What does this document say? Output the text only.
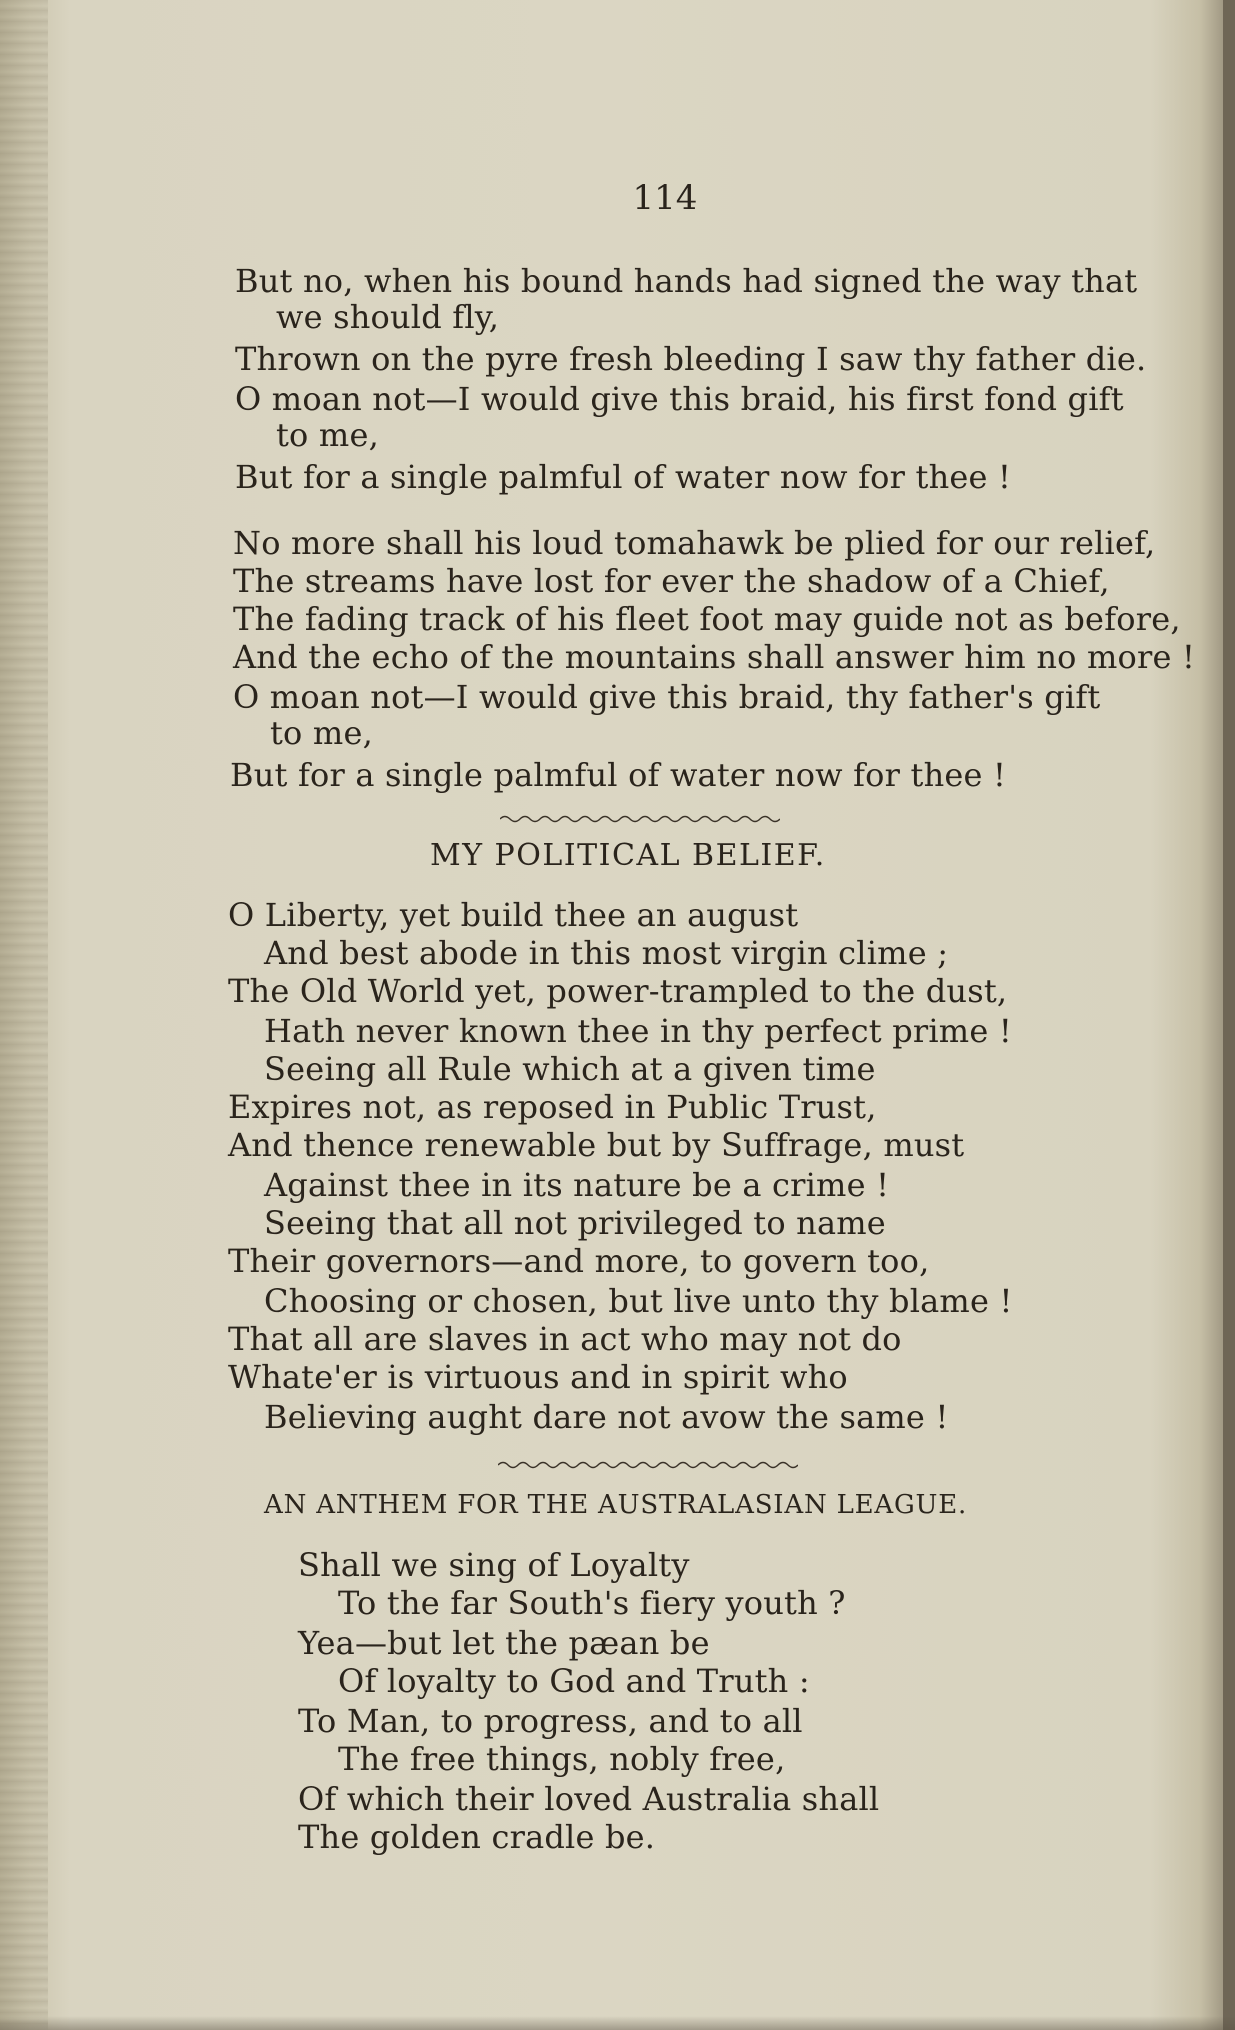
114
But no, when his bound hands had signed the way that
we should fly,
Thrown on the pyre fresh bleeding I saw thy father die.
O moan not—I would give this braid, his first fond gift
to me,
But for a single palmful of water now for thee !
No more shall his loud tomahawk be plied for our relief,
The streams have lost for ever the shadow of a Chief,
The fading track of his fleet foot may guide not as before,
And the echo of the mountains shall answer him no more !
O moan not—I would give this braid, thy father's gift
to me,
But for a single palmful of water now for thee !
MY POLITICAL BELIEF.
O Liberty, yet build thee an august
And best abode in this most virgin clime ;
The Old World yet, power-trampled to the dust,
Hath never known thee in thy perfect prime !
Seeing all Rule which at a given time
Expires not, as reposed in Public Trust,
And thence renewable but by Suffrage, must
Against thee in its nature be a crime !
Seeing that all not privileged to name
Their governors—and more, to govern too,
Choosing or chosen, but live unto thy blame !
That all are slaves in act who may not do
Whate'er is virtuous and in spirit who
Believing aught dare not avow the same !
AN ANTHEM FOR THE AUSTRALASIAN LEAGUE.
Shall we sing of Loyalty
To the far South's fiery youth ?
Yea—but let the pæan be
Of loyalty to God and Truth :
To Man, to progress, and to all
The free things, nobly free,
Of which their loved Australia shall
The golden cradle be.
